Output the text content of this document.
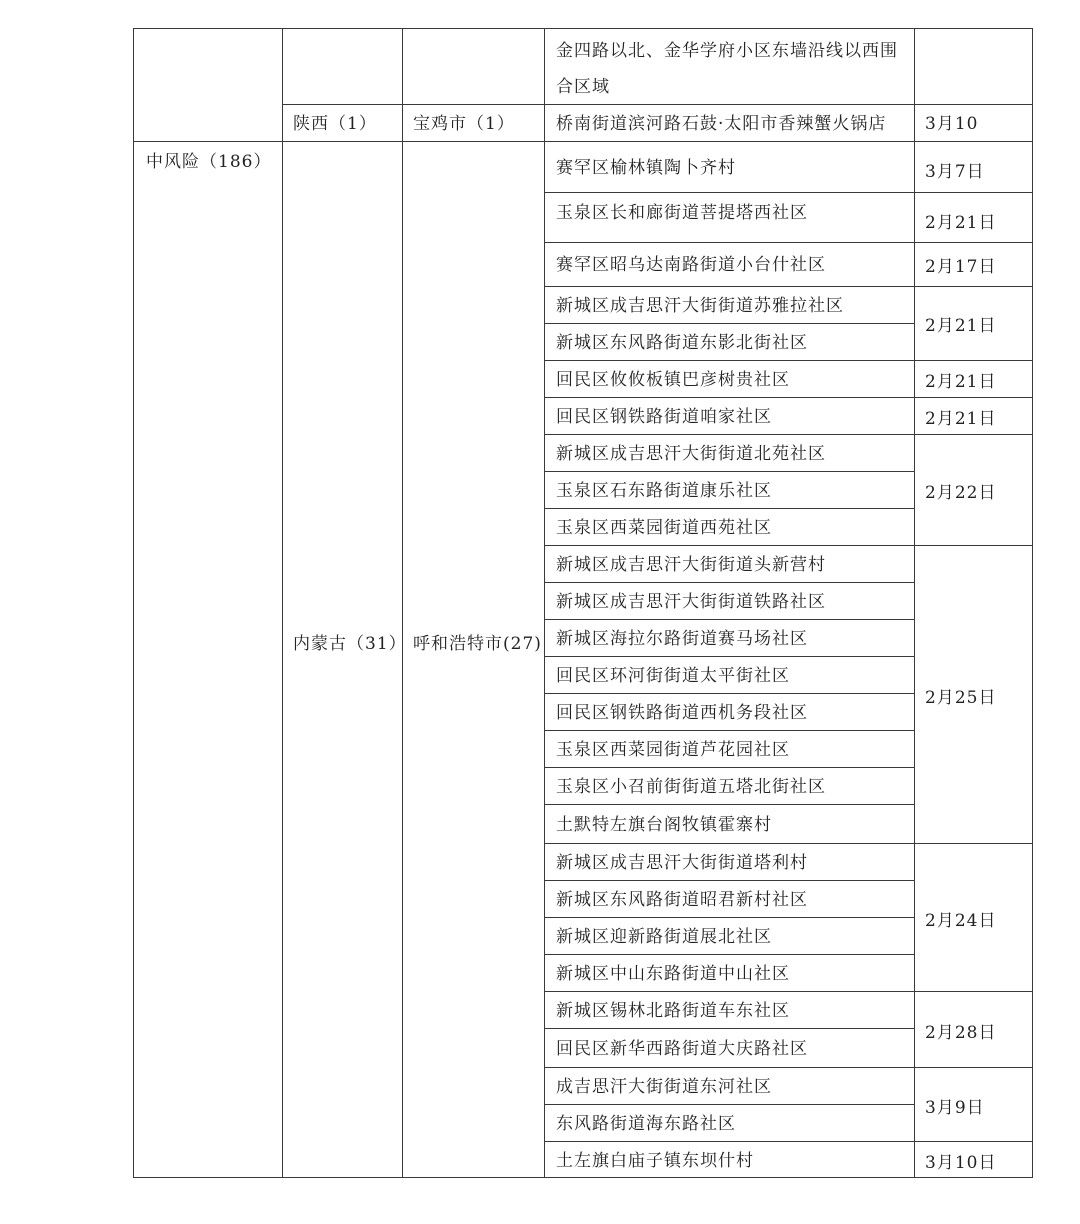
金四路以北、金华学府小区东墙沿线以西围合区域
陕西（1） 宝鸡市（1） 桥南街道滨河路石鼓·太阳市香辣蟹火锅店 3月10
中风险（186）
内蒙古（31） 呼和浩特市(27)
赛罕区榆林镇陶卜齐村
玉泉区长和廊街道菩提塔西社区
赛罕区昭乌达南路街道小台什社区
新城区成吉思汗大街街道苏雅拉社区
新城区东风路街道东影北街社区
回民区攸攸板镇巴彦树贵社区
回民区钢铁路街道咱家社区
新城区成吉思汗大街街道北苑社区
玉泉区石东路街道康乐社区
玉泉区西菜园街道西苑社区
新城区成吉思汗大街街道头新营村
新城区成吉思汗大街街道铁路社区
新城区海拉尔路街道赛马场社区
回民区环河街街道太平街社区
回民区钢铁路街道西机务段社区
玉泉区西菜园街道芦花园社区
玉泉区小召前街街道五塔北街社区
土默特左旗台阁牧镇霍寨村
新城区成吉思汗大街街道塔利村
新城区东风路街道昭君新村社区
新城区迎新路街道展北社区
新城区中山东路街道中山社区
新城区锡林北路街道车东社区
回民区新华西路街道大庆路社区
成吉思汗大街街道东河社区
东风路街道海东路社区
土左旗白庙子镇东坝什村
3月7日
2月21日
2月17日
2月21日
2月21日
2月21日
2月22日
2月25日
2月24日
2月28日
3月9日
3月10日
